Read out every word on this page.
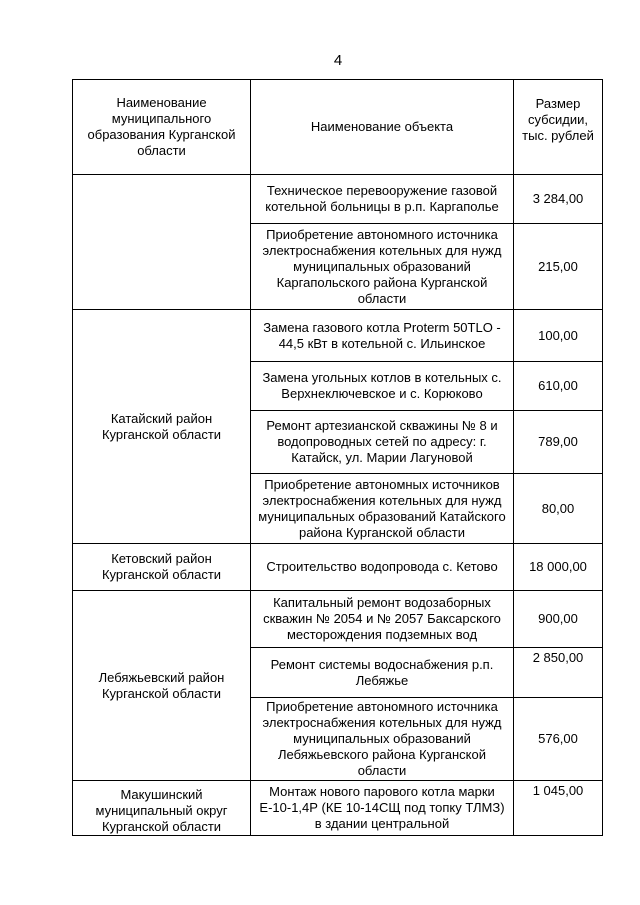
4
Наименование муниципального образования Курганской области	Наименование объекта	Размер субсидии, тыс. рублей
	Техническое перевооружение газовой котельной больницы в р.п. Каргаполье	3 284,00
	Приобретение автономного источника электроснабжения котельных для нужд муниципальных образований Каргапольского района Курганской области	215,00
Катайский район Курганской области	Замена газового котла Proterm 50TLO - 44,5 кВт в котельной с. Ильинское	100,00
	Замена угольных котлов в котельных с. Верхнеключевское и с. Корюково	610,00
	Ремонт артезианской скважины № 8 и водопроводных сетей по адресу: г. Катайск, ул. Марии Лагуновой	789,00
	Приобретение автономных источников электроснабжения котельных для нужд муниципальных образований Катайского района Курганской области	80,00
Кетовский район Курганской области	Строительство водопровода с. Кетово	18 000,00
Лебяжьевский район Курганской области	Капитальный ремонт водозаборных скважин № 2054 и № 2057 Баксарского месторождения подземных вод	900,00
	Ремонт системы водоснабжения р.п. Лебяжье	2 850,00
	Приобретение автономного источника электроснабжения котельных для нужд муниципальных образований Лебяжьевского района Курганской области	576,00
Макушинский муниципальный округ Курганской области	Монтаж нового парового котла марки Е-10-1,4Р (КЕ 10-14СЩ под топку ТЛМЗ) в здании центральной	1 045,00
